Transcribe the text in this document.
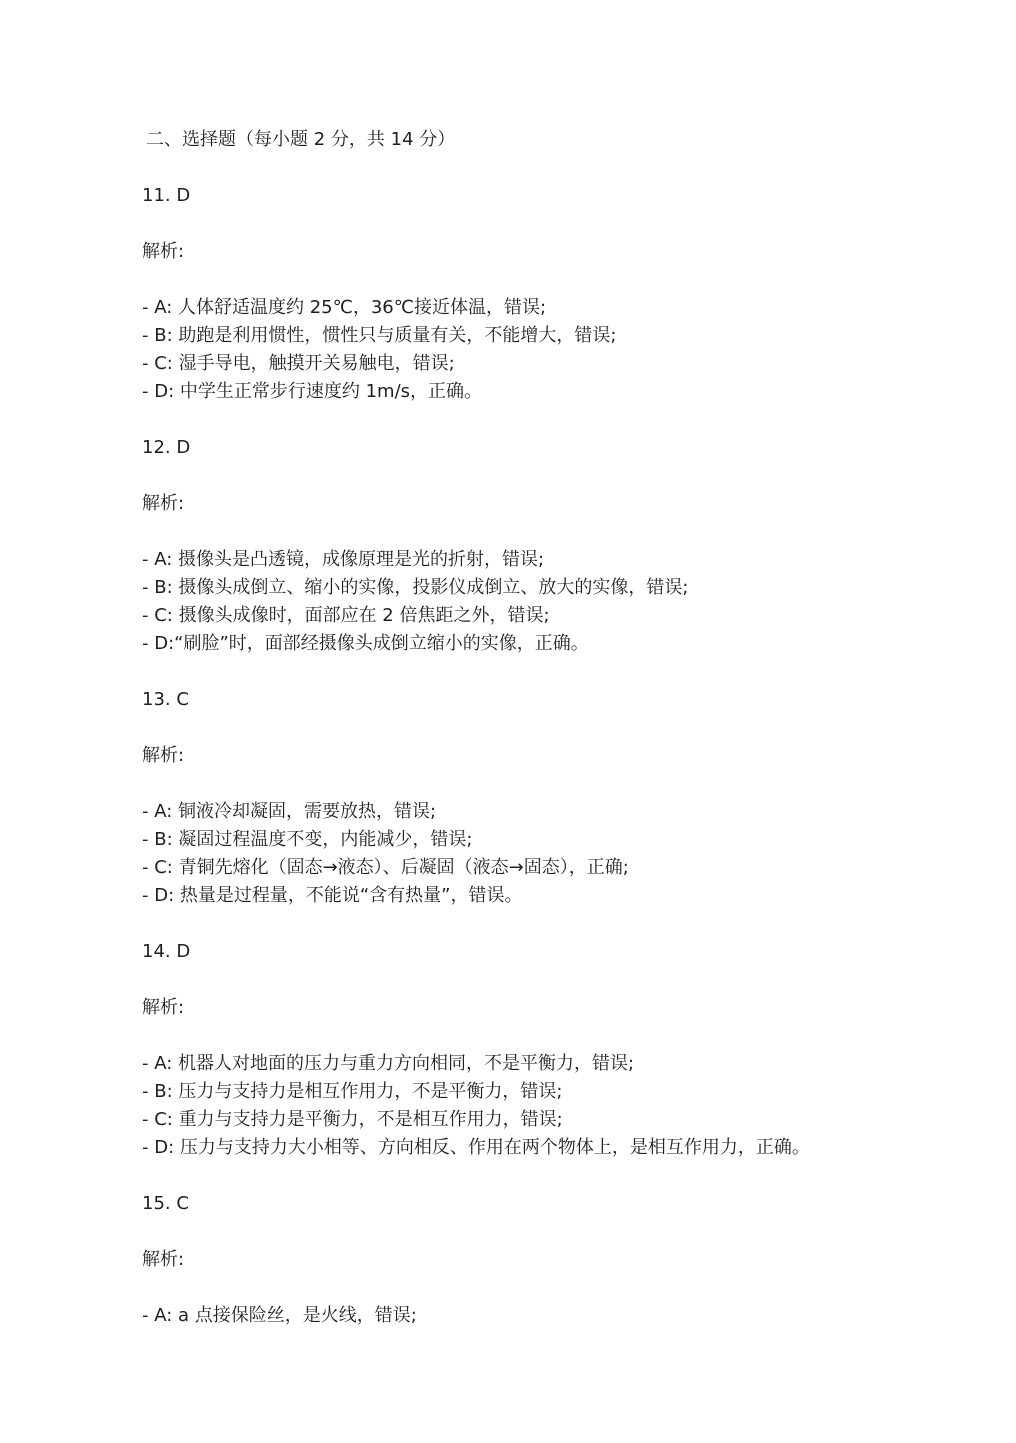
二、选择题（每小题 2 分，共 14 分）
11. D
解析:
- A: 人体舒适温度约 25℃，36℃接近体温，错误;
- B: 助跑是利用惯性，惯性只与质量有关，不能增大，错误;
- C: 湿手导电，触摸开关易触电，错误;
- D: 中学生正常步行速度约 1m/s，正确。
12. D
解析:
- A: 摄像头是凸透镜，成像原理是光的折射，错误;
- B: 摄像头成倒立、缩小的实像，投影仪成倒立、放大的实像，错误;
- C: 摄像头成像时，面部应在 2 倍焦距之外，错误;
- D:“刷脸”时，面部经摄像头成倒立缩小的实像，正确。
13. C
解析:
- A: 铜液冷却凝固，需要放热，错误;
- B: 凝固过程温度不变，内能减少，错误;
- C: 青铜先熔化（固态→液态）、后凝固（液态→固态），正确;
- D: 热量是过程量，不能说“含有热量”，错误。
14. D
解析:
- A: 机器人对地面的压力与重力方向相同，不是平衡力，错误;
- B: 压力与支持力是相互作用力，不是平衡力，错误;
- C: 重力与支持力是平衡力，不是相互作用力，错误;
- D: 压力与支持力大小相等、方向相反、作用在两个物体上，是相互作用力，正确。
15. C
解析:
- A: a 点接保险丝，是火线，错误;
